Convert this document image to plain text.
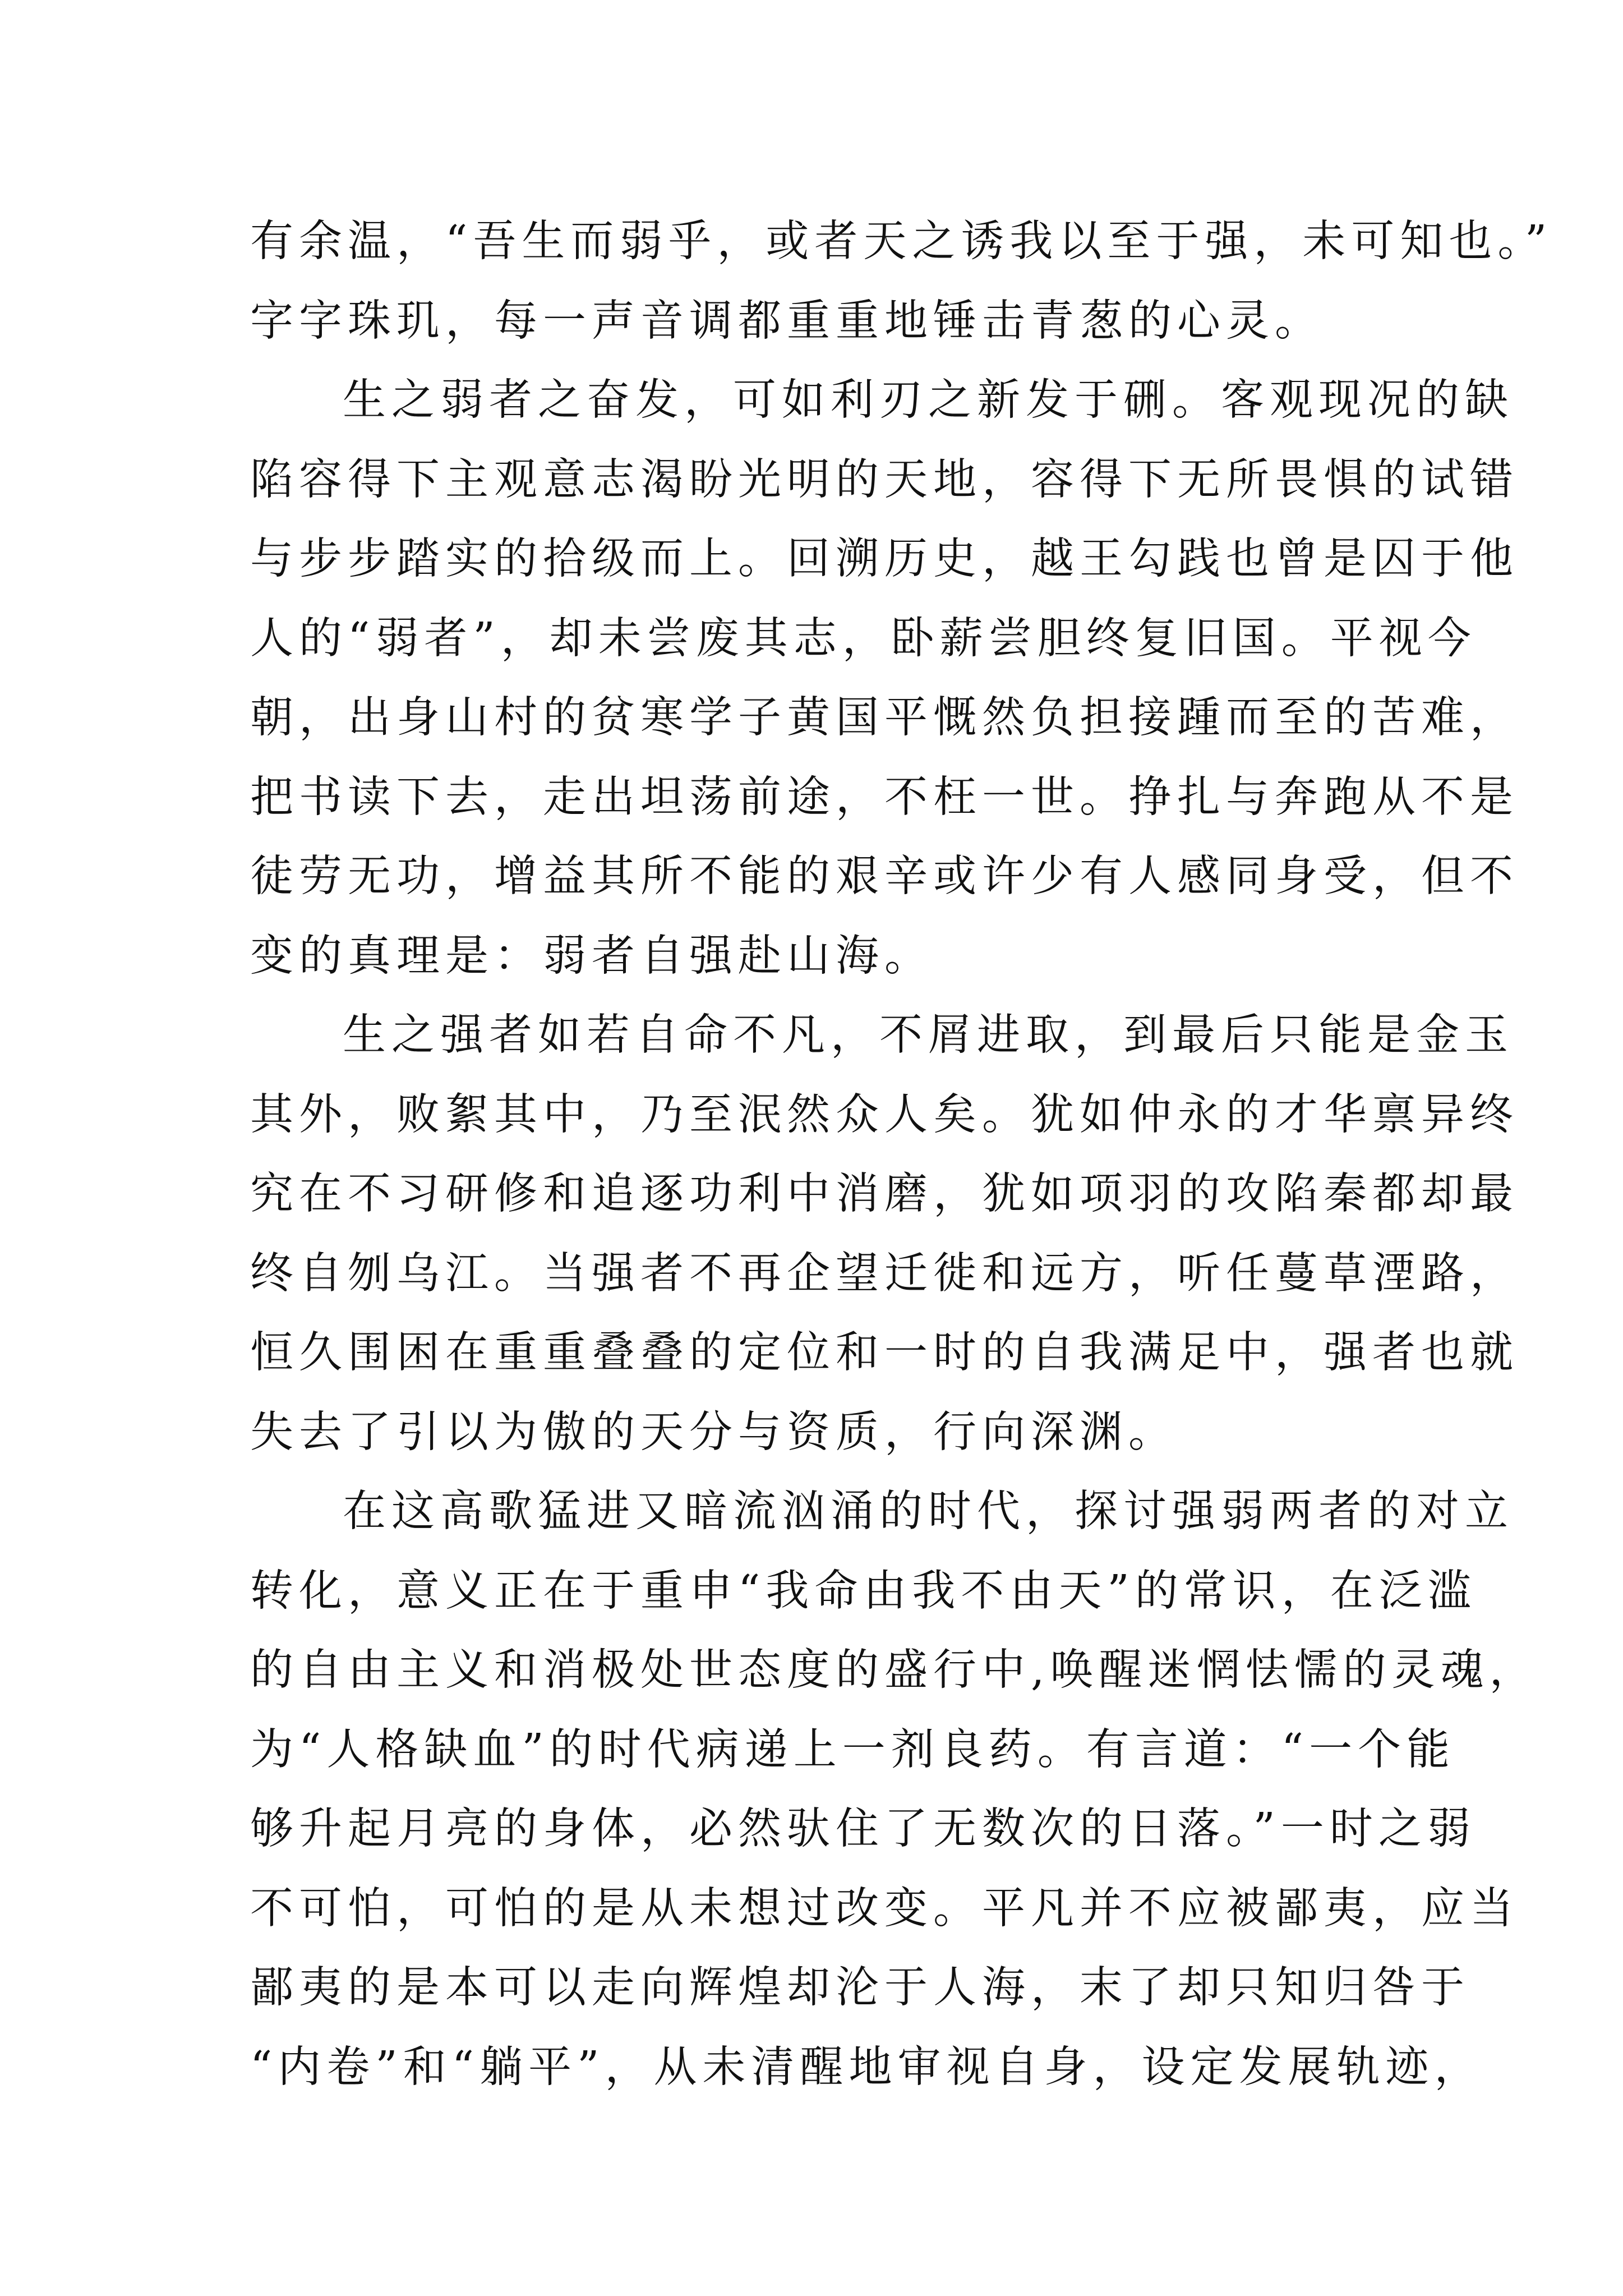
有余温，“吾生而弱乎，或者天之诱我以至于强，未可知也。”
字字珠玑，每一声音调都重重地锤击青葱的心灵。
生之弱者之奋发，可如利刃之新发于硎。客观现况的缺
陷容得下主观意志渴盼光明的天地，容得下无所畏惧的试错
与步步踏实的拾级而上。回溯历史，越王勾践也曾是囚于他
人的“弱者”，却未尝废其志，卧薪尝胆终复旧国。平视今
朝，出身山村的贫寒学子黄国平慨然负担接踵而至的苦难，
把书读下去，走出坦荡前途，不枉一世。挣扎与奔跑从不是
徒劳无功，增益其所不能的艰辛或许少有人感同身受，但不
变的真理是：弱者自强赴山海。
生之强者如若自命不凡，不屑进取，到最后只能是金玉
其外，败絮其中，乃至泯然众人矣。犹如仲永的才华禀异终
究在不习研修和追逐功利中消磨，犹如项羽的攻陷秦都却最
终自刎乌江。当强者不再企望迁徙和远方，听任蔓草湮路，
恒久围困在重重叠叠的定位和一时的自我满足中，强者也就
失去了引以为傲的天分与资质，行向深渊。
在这高歌猛进又暗流汹涌的时代，探讨强弱两者的对立
转化，意义正在于重申“我命由我不由天”的常识，在泛滥
的自由主义和消极处世态度的盛行中,唤醒迷惘怯懦的灵魂，
为“人格缺血”的时代病递上一剂良药。有言道：“一个能
够升起月亮的身体，必然驮住了无数次的日落。”一时之弱
不可怕，可怕的是从未想过改变。平凡并不应被鄙夷，应当
鄙夷的是本可以走向辉煌却沦于人海，末了却只知归咎于
“内卷”和“躺平”，从未清醒地审视自身，设定发展轨迹，
